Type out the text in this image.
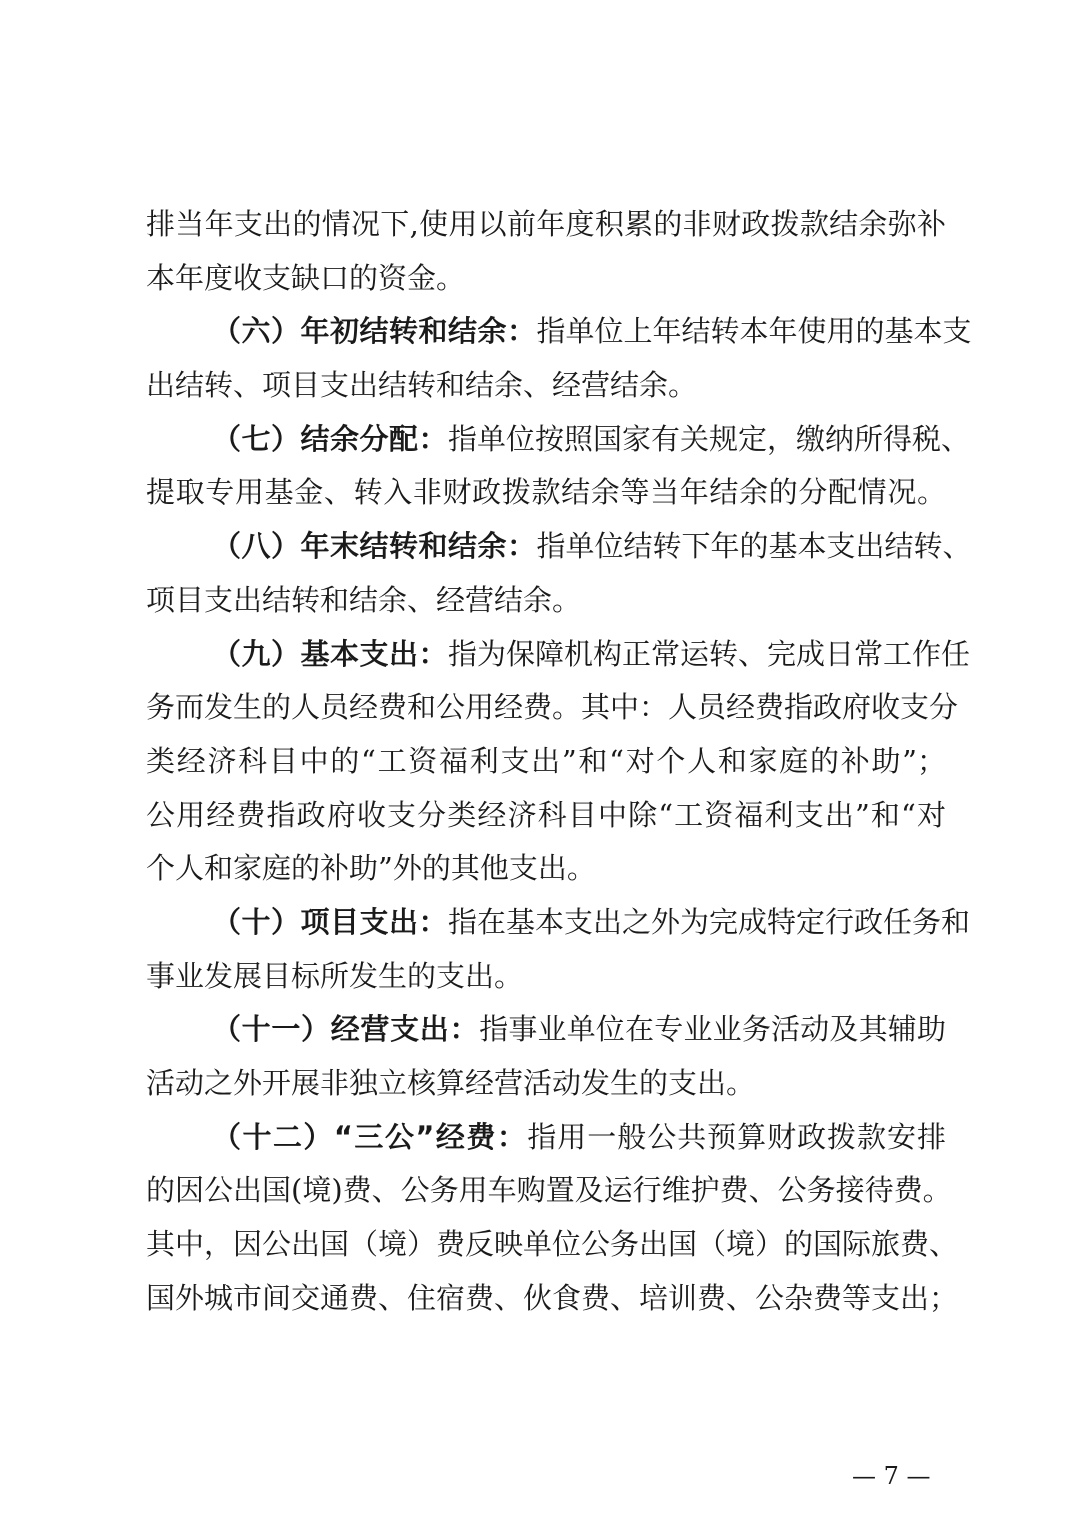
排当年支出的情况下,使用以前年度积累的非财政拨款结余弥补
本年度收支缺口的资金。
（六）年初结转和结余：指单位上年结转本年使用的基本支
出结转、项目支出结转和结余、经营结余。
（七）结余分配：指单位按照国家有关规定，缴纳所得税、
提取专用基金、转入非财政拨款结余等当年结余的分配情况。
（八）年末结转和结余：指单位结转下年的基本支出结转、
项目支出结转和结余、经营结余。
（九）基本支出：指为保障机构正常运转、完成日常工作任
务而发生的人员经费和公用经费。其中：人员经费指政府收支分
类经济科目中的“工资福利支出”和“对个人和家庭的补助”；
公用经费指政府收支分类经济科目中除“工资福利支出”和“对
个人和家庭的补助”外的其他支出。
（十）项目支出：指在基本支出之外为完成特定行政任务和
事业发展目标所发生的支出。
（十一）经营支出：指事业单位在专业业务活动及其辅助
活动之外开展非独立核算经营活动发生的支出。
（十二）“三公”经费：指用一般公共预算财政拨款安排
的因公出国(境)费、公务用车购置及运行维护费、公务接待费。
其中，因公出国（境）费反映单位公务出国（境）的国际旅费、
国外城市间交通费、住宿费、伙食费、培训费、公杂费等支出；
— 7 —
